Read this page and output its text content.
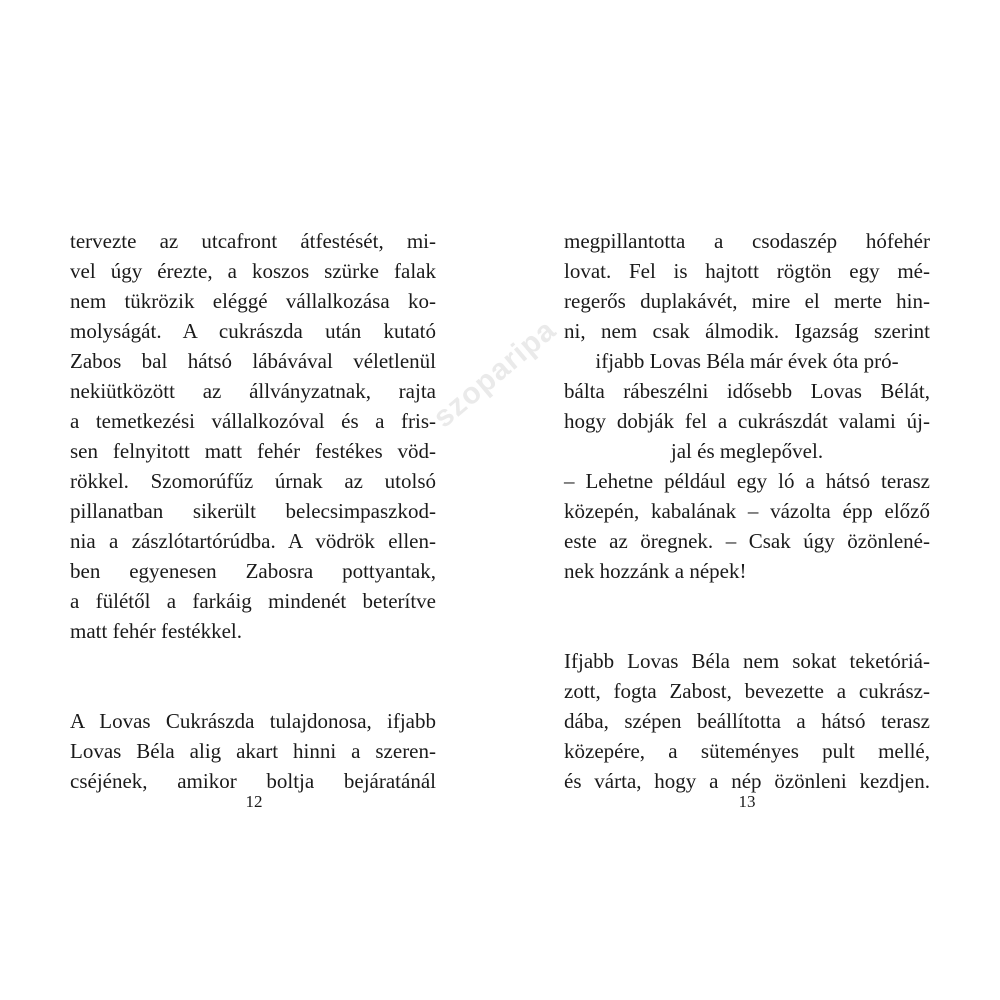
szoparipa
tervezte az utcafront átfestését, mi-
vel úgy érezte, a koszos szürke falak
nem tükrözik eléggé vállalkozása ko-
molyságát. A cukrászda után kutató
Zabos bal hátsó lábávával véletlenül
nekiütközött az állványzatnak, rajta
a temetkezési vállalkozóval és a fris-
sen felnyitott matt fehér festékes vöd-
rökkel. Szomorúfűz úrnak az utolsó
pillanatban sikerült belecsimpaszkod-
nia a zászlótartórúdba. A vödrök ellen-
ben egyenesen Zabosra pottyantak,
a fülétől a farkáig mindenét beterítve
matt fehér festékkel.
A Lovas Cukrászda tulajdonosa, ifjabb
Lovas Béla alig akart hinni a szeren-
cséjének, amikor boltja bejáratánál
megpillantotta a csodaszép hófehér
lovat. Fel is hajtott rögtön egy mé-
regerős duplakávét, mire el merte hin-
ni, nem csak álmodik. Igazság szerint
ifjabb Lovas Béla már évek óta pró-
bálta rábeszélni idősebb Lovas Bélát,
hogy dobják fel a cukrászdát valami új-
jal és meglepővel.
– Lehetne például egy ló a hátsó terasz
közepén, kabalának – vázolta épp előző
este az öregnek. – Csak úgy özönlené-
nek hozzánk a népek!
Ifjabb Lovas Béla nem sokat teketóriá-
zott, fogta Zabost, bevezette a cukrász-
dába, szépen beállította a hátsó terasz
közepére, a süteményes pult mellé,
és várta, hogy a nép özönleni kezdjen.
12	13
